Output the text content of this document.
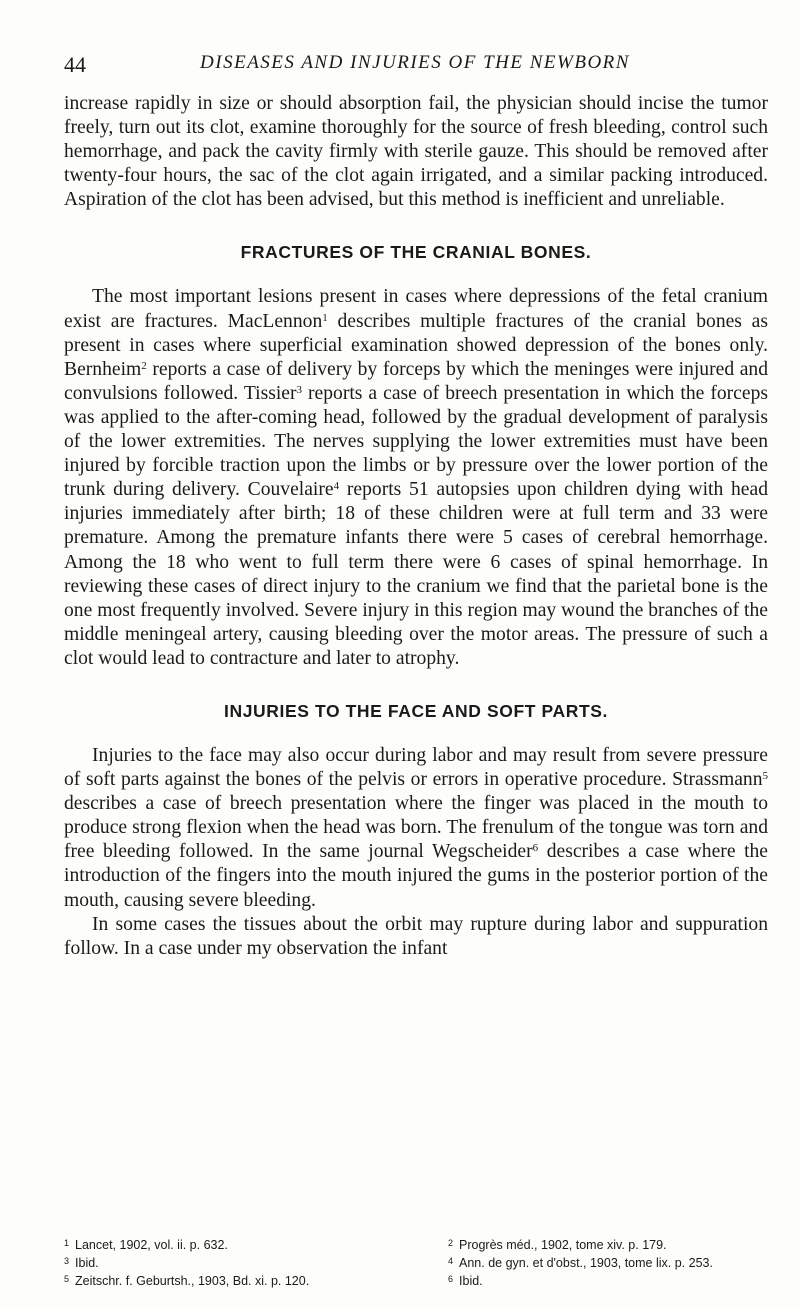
44	DISEASES AND INJURIES OF THE NEWBORN

increase rapidly in size or should absorption fail, the physician should incise the tumor freely, turn out its clot, examine thoroughly for the source of fresh bleeding, control such hemorrhage, and pack the cavity firmly with sterile gauze. This should be removed after twenty-four hours, the sac of the clot again irrigated, and a similar packing introduced. Aspiration of the clot has been advised, but this method is inefficient and unreliable.

FRACTURES OF THE CRANIAL BONES.

The most important lesions present in cases where depressions of the fetal cranium exist are fractures. MacLennon$^1$ describes multiple fractures of the cranial bones as present in cases where superficial examination showed depression of the bones only. Bernheim$^2$ reports a case of delivery by forceps by which the meninges were injured and convulsions followed. Tissier$^3$ reports a case of breech presentation in which the forceps was applied to the after-coming head, followed by the gradual development of paralysis of the lower extremities. The nerves supplying the lower extremities must have been injured by forcible traction upon the limbs or by pressure over the lower portion of the trunk during delivery. Couvelaire$^4$ reports 51 autopsies upon children dying with head injuries immediately after birth; 18 of these children were at full term and 33 were premature. Among the premature infants there were 5 cases of cerebral hemorrhage. Among the 18 who went to full term there were 6 cases of spinal hemorrhage. In reviewing these cases of direct injury to the cranium we find that the parietal bone is the one most frequently involved. Severe injury in this region may wound the branches of the middle meningeal artery, causing bleeding over the motor areas. The pressure of such a clot would lead to contracture and later to atrophy.

INJURIES TO THE FACE AND SOFT PARTS.

Injuries to the face may also occur during labor and may result from severe pressure of soft parts against the bones of the pelvis or errors in operative procedure. Strassmann$^5$ describes a case of breech presentation where the finger was placed in the mouth to produce strong flexion when the head was born. The frenulum of the tongue was torn and free bleeding followed. In the same journal Wegscheider$^6$ describes a case where the introduction of the fingers into the mouth injured the gums in the posterior portion of the mouth, causing severe bleeding.

In some cases the tissues about the orbit may rupture during labor and suppuration follow. In a case under my observation the infant

$^1$ Lancet, 1902, vol. ii. p. 632.
$^3$ Ibid.
$^5$ Zeitschr. f. Geburtsh., 1903, Bd. xi. p. 120.
$^2$ Progrès méd., 1902, tome xiv. p. 179.
$^4$ Ann. de gyn. et d'obst., 1903, tome lix. p. 253.
$^6$ Ibid.
